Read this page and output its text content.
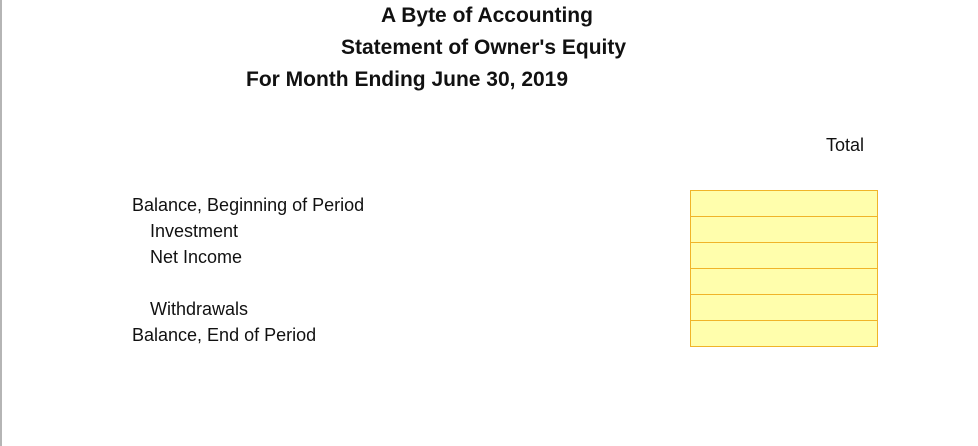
A Byte of Accounting
Statement of Owner's Equity
For Month Ending June 30, 2019
Total
Balance, Beginning of Period
Investment
Net Income
Withdrawals
Balance, End of Period
